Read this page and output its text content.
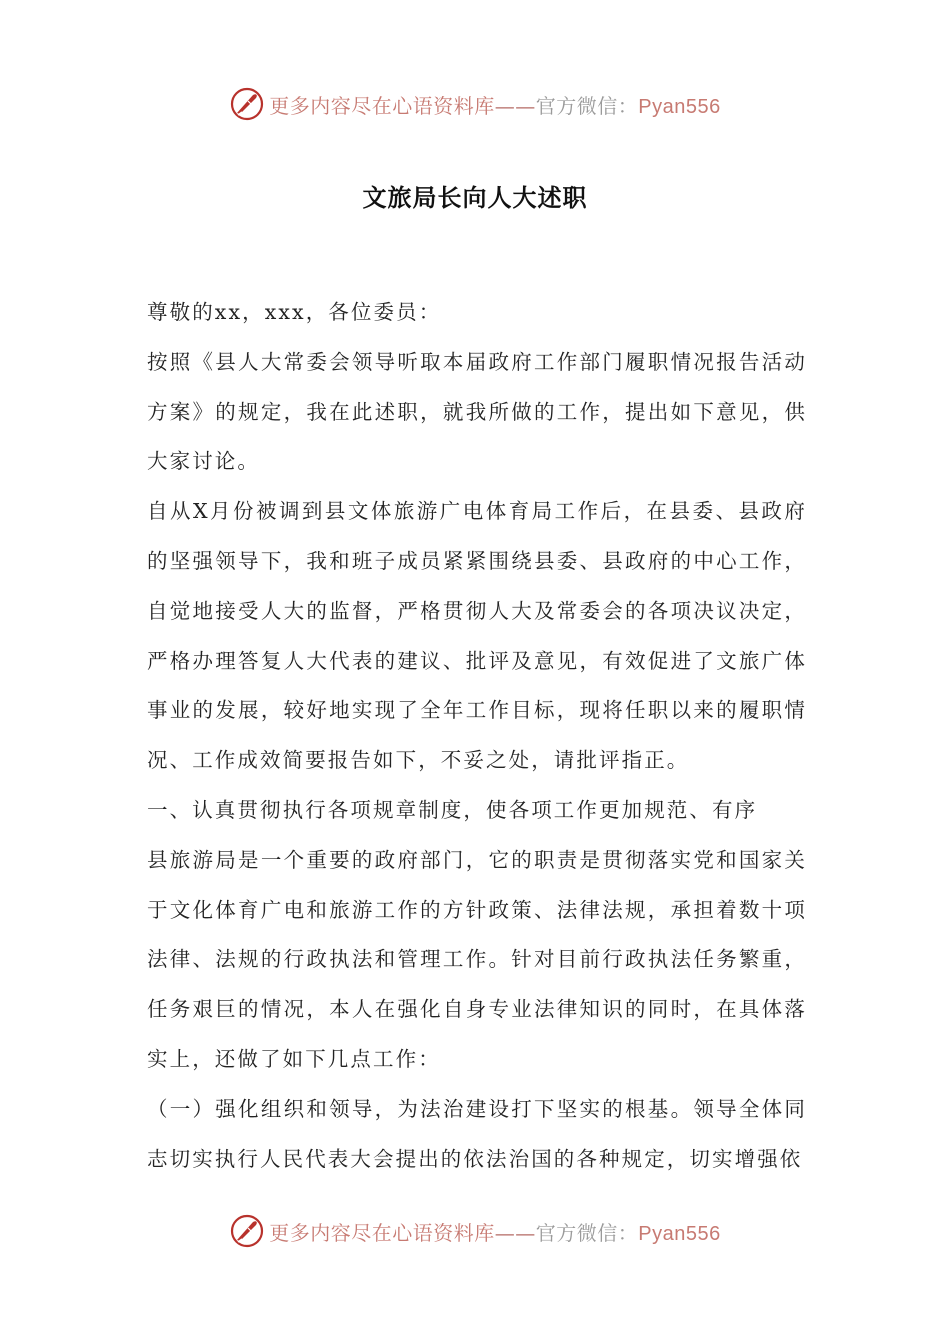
更多内容尽在心语资料库——官方微信：Pyan556
文旅局长向人大述职

尊敬的xx，xxx，各位委员：

按照《县人大常委会领导听取本届政府工作部门履职情况报告活动方案》的规定，我在此述职，就我所做的工作，提出如下意见，供大家讨论。

自从X月份被调到县文体旅游广电体育局工作后，在县委、县政府的坚强领导下，我和班子成员紧紧围绕县委、县政府的中心工作，自觉地接受人大的监督，严格贯彻人大及常委会的各项决议决定，严格办理答复人大代表的建议、批评及意见，有效促进了文旅广体事业的发展，较好地实现了全年工作目标，现将任职以来的履职情况、工作成效简要报告如下，不妥之处，请批评指正。

一、认真贯彻执行各项规章制度，使各项工作更加规范、有序

县旅游局是一个重要的政府部门，它的职责是贯彻落实党和国家关于文化体育广电和旅游工作的方针政策、法律法规，承担着数十项法律、法规的行政执法和管理工作。针对目前行政执法任务繁重，任务艰巨的情况，本人在强化自身专业法律知识的同时，在具体落实上，还做了如下几点工作：

（一）强化组织和领导，为法治建设打下坚实的根基。领导全体同志切实执行人民代表大会提出的依法治国的各种规定，切实增强依

更多内容尽在心语资料库——官方微信：Pyan556
